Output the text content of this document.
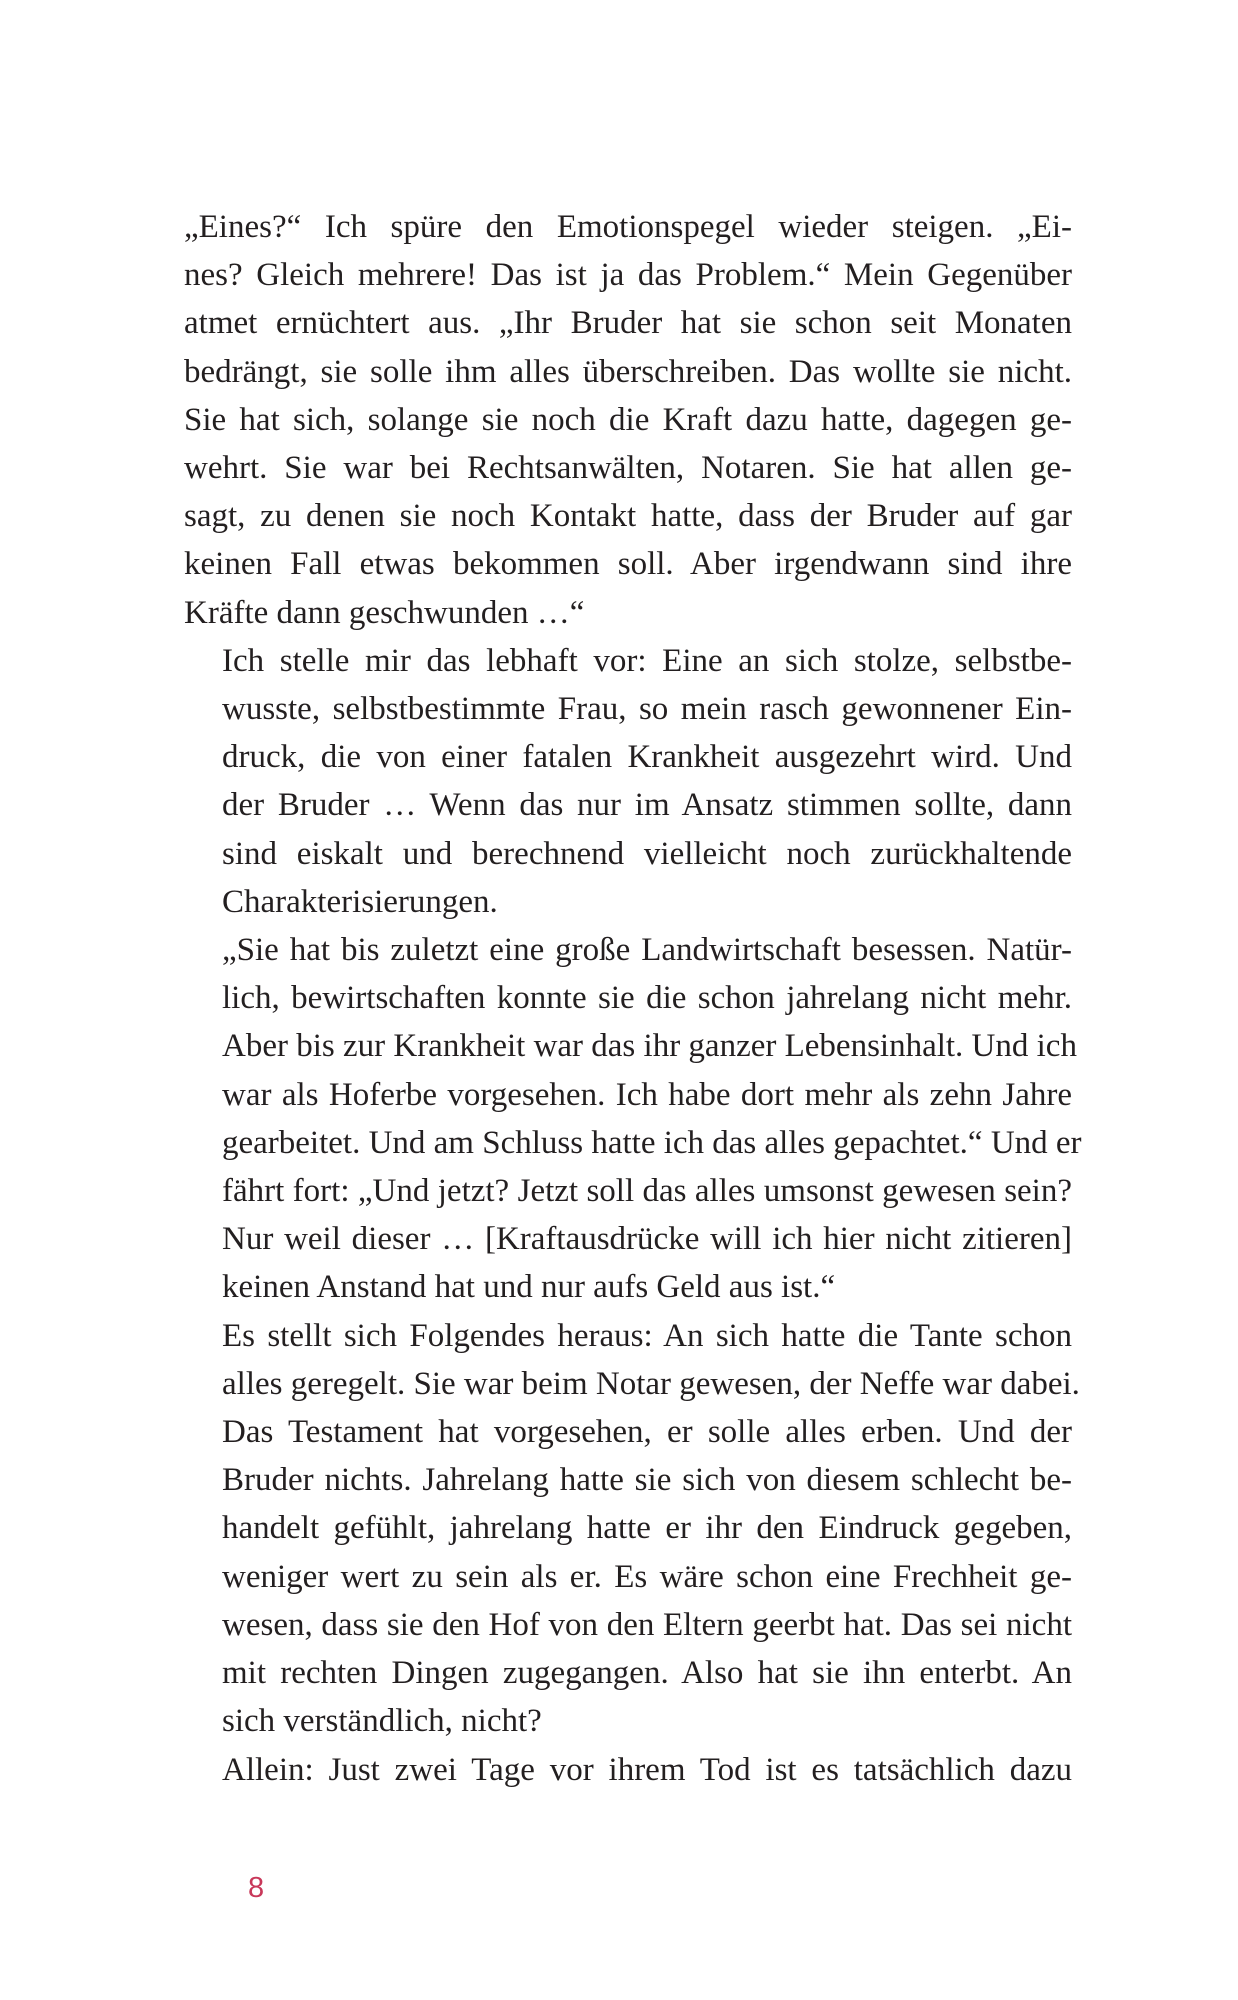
„Eines?“ Ich spüre den Emotionspegel wieder steigen. „Ei-
nes? Gleich mehrere! Das ist ja das Problem.“ Mein Gegenüber
atmet ernüchtert aus. „Ihr Bruder hat sie schon seit Monaten
bedrängt, sie solle ihm alles überschreiben. Das wollte sie nicht.
Sie hat sich, solange sie noch die Kraft dazu hatte, dagegen ge-
wehrt. Sie war bei Rechtsanwälten, Notaren. Sie hat allen ge-
sagt, zu denen sie noch Kontakt hatte, dass der Bruder auf gar
keinen Fall etwas bekommen soll. Aber irgendwann sind ihre
Kräfte dann geschwunden …“

Ich stelle mir das lebhaft vor: Eine an sich stolze, selbstbe-
wusste, selbstbestimmte Frau, so mein rasch gewonnener Ein-
druck, die von einer fatalen Krankheit ausgezehrt wird. Und
der Bruder … Wenn das nur im Ansatz stimmen sollte, dann
sind eiskalt und berechnend vielleicht noch zurückhaltende
Charakterisierungen.

„Sie hat bis zuletzt eine große Landwirtschaft besessen. Natür-
lich, bewirtschaften konnte sie die schon jahrelang nicht mehr.
Aber bis zur Krankheit war das ihr ganzer Lebensinhalt. Und ich
war als Hoferbe vorgesehen. Ich habe dort mehr als zehn Jahre
gearbeitet. Und am Schluss hatte ich das alles gepachtet.“ Und er
fährt fort: „Und jetzt? Jetzt soll das alles umsonst gewesen sein?
Nur weil dieser … [Kraftausdrücke will ich hier nicht zitieren]
keinen Anstand hat und nur aufs Geld aus ist.“

Es stellt sich Folgendes heraus: An sich hatte die Tante schon
alles geregelt. Sie war beim Notar gewesen, der Neffe war dabei.
Das Testament hat vorgesehen, er solle alles erben. Und der
Bruder nichts. Jahrelang hatte sie sich von diesem schlecht be-
handelt gefühlt, jahrelang hatte er ihr den Eindruck gegeben,
weniger wert zu sein als er. Es wäre schon eine Frechheit ge-
wesen, dass sie den Hof von den Eltern geerbt hat. Das sei nicht
mit rechten Dingen zugegangen. Also hat sie ihn enterbt. An
sich verständlich, nicht?

Allein: Just zwei Tage vor ihrem Tod ist es tatsächlich dazu

8
